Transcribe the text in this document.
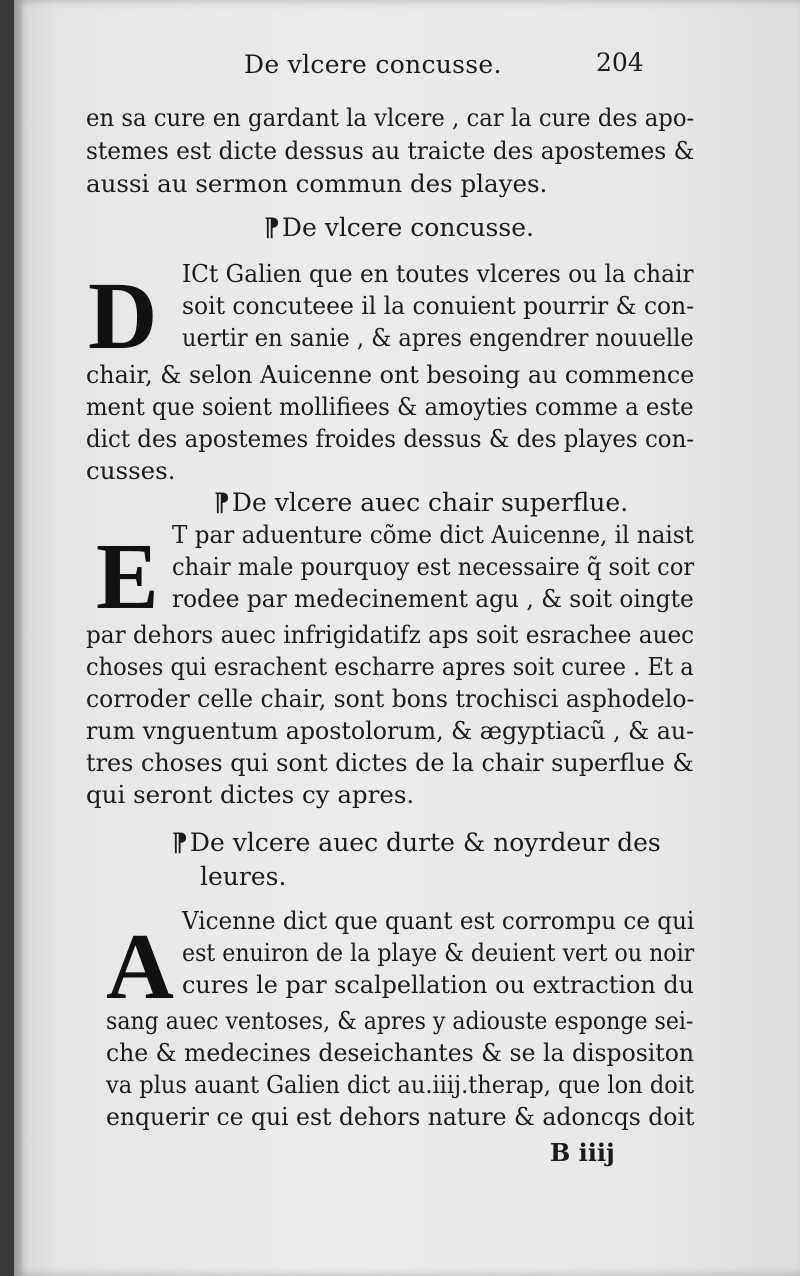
De vlcere concusse.	204
en sa cure en gardant la vlcere , car la cure des apo-
stemes est dicte dessus au traicte des apostemes &
aussi au sermon commun des playes.
¶De vlcere concusse.
D ICt Galien que en toutes vlceres ou la chair
soit concuteee il la conuient pourrir & con-
uertir en sanie , & apres engendrer nouuelle
chair, & selon Auicenne ont besoing au commence
ment que soient mollifiees & amoyties comme a este
dict des apostemes froides dessus & des playes con-
cusses.
¶De vlcere auec chair superflue.
E T par aduenture cõme dict Auicenne, il naist
chair male pourquoy est necessaire q̃ soit cor
rodee par medecinement agu , & soit oingte
par dehors auec infrigidatifz aps soit esrachee auec
choses qui esrachent escharre apres soit curee . Et a
corroder celle chair, sont bons trochisci asphodelo-
rum vnguentum apostolorum, & ægyptiacũ , & au-
tres choses qui sont dictes de la chair superflue &
qui seront dictes cy apres.
¶De vlcere auec durte & noyrdeur des
leures.
A Vicenne dict que quant est corrompu ce qui
est enuiron de la playe & deuient vert ou noir
cures le par scalpellation ou extraction du
sang auec ventoses, & apres y adiouste esponge sei-
che & medecines deseichantes & se la dispositon
va plus auant Galien dict au.iiij.therap, que lon doit
enquerir ce qui est dehors nature & adoncqs doit
B iiij
